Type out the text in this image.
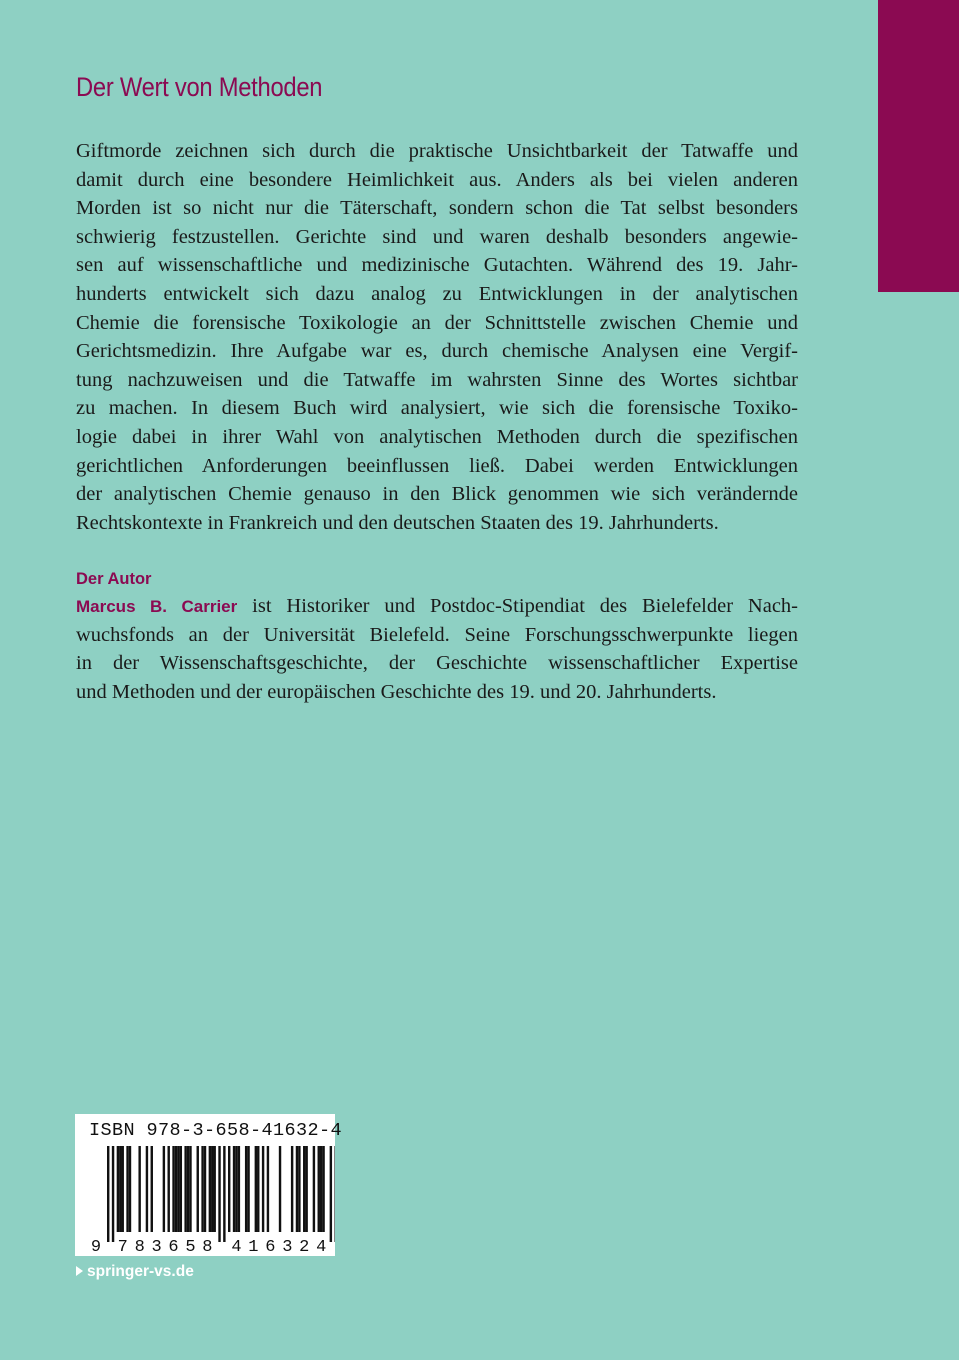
Der Wert von Methoden
Giftmorde zeichnen sich durch die praktische Unsichtbarkeit der Tatwaffe und
damit durch eine besondere Heimlichkeit aus. Anders als bei vielen anderen
Morden ist so nicht nur die Täterschaft, sondern schon die Tat selbst besonders
schwierig festzustellen. Gerichte sind und waren deshalb besonders angewie-
sen auf wissenschaftliche und medizinische Gutachten. Während des 19. Jahr-
hunderts entwickelt sich dazu analog zu Entwicklungen in der analytischen
Chemie die forensische Toxikologie an der Schnittstelle zwischen Chemie und
Gerichtsmedizin. Ihre Aufgabe war es, durch chemische Analysen eine Vergif-
tung nachzuweisen und die Tatwaffe im wahrsten Sinne des Wortes sichtbar
zu machen. In diesem Buch wird analysiert, wie sich die forensische Toxiko-
logie dabei in ihrer Wahl von analytischen Methoden durch die spezifischen
gerichtlichen Anforderungen beeinflussen ließ. Dabei werden Entwicklungen
der analytischen Chemie genauso in den Blick genommen wie sich verändernde
Rechtskontexte in Frankreich und den deutschen Staaten des 19. Jahrhunderts.
Der Autor
Marcus B. Carrier ist Historiker und Postdoc-Stipendiat des Bielefelder Nach-
wuchsfonds an der Universität Bielefeld. Seine Forschungsschwerpunkte liegen
in der Wissenschaftsgeschichte, der Geschichte wissenschaftlicher Expertise
und Methoden und der europäischen Geschichte des 19. und 20. Jahrhunderts.
ISBN 978-3-658-41632-4
9 7 8 3 6 5 8 4 1 6 3 2 4
springer-vs.de
